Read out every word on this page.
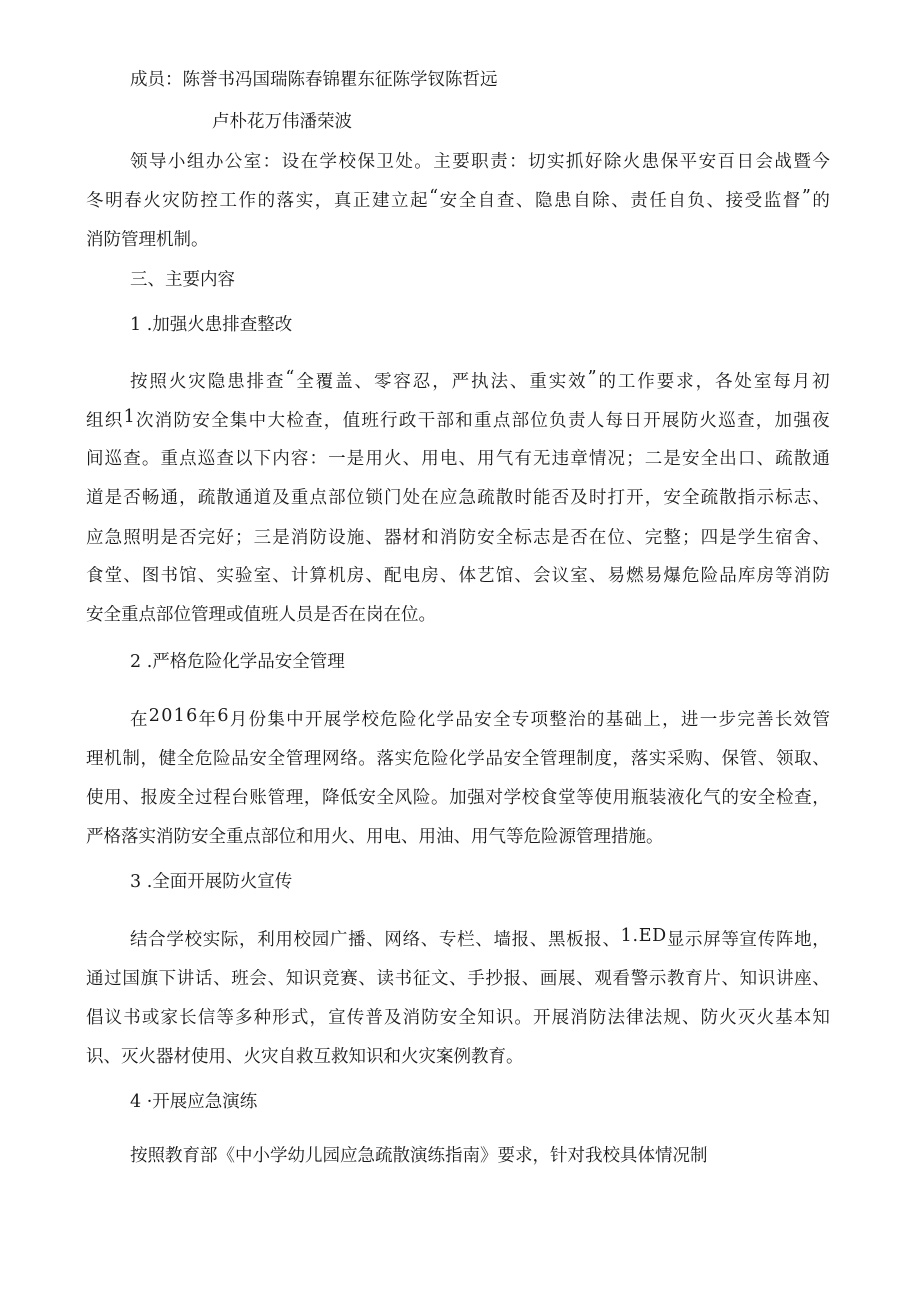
成员：陈誉书冯国瑞陈春锦瞿东征陈学钗陈哲远
卢朴花万伟潘荣波
领 导 小 组 办 公 室 ： 设 在 学 校 保 卫 处 。 主 要 职 责 ： 切 实 抓 好 除 火 患 保 平 安 百 日 会 战 暨 今
冬 明 春 火 灾 防 控 工 作 的 落 实 ， 真 正 建 立 起 “ 安 全 自 查 、 隐 患 自 除 、 责 任 自 负 、 接 受 监 督 ” 的
消防管理机制。
三、主要内容
1 .加强火患排查整改
按 照 火 灾 隐 患 排 查 “ 全 覆 盖 、 零 容 忍 ， 严 执 法 、 重 实 效 ” 的 工 作 要 求 ， 各 处 室 每 月 初
组 织 1 次 消 防 安 全 集 中 大 检 查 ， 值 班 行 政 干 部 和 重 点 部 位 负 责 人 每 日 开 展 防 火 巡 查 ， 加 强 夜
间 巡 查 。 重 点 巡 查 以 下 内 容 ： 一 是 用 火 、 用 电 、 用 气 有 无 违 章 情 况 ； 二 是 安 全 出 口 、 疏 散 通
道 是 否 畅 通 ， 疏 散 通 道 及 重 点 部 位 锁 门 处 在 应 急 疏 散 时 能 否 及 时 打 开 ， 安 全 疏 散 指 示 标 志 、
应 急 照 明 是 否 完 好 ； 三 是 消 防 设 施 、 器 材 和 消 防 安 全 标 志 是 否 在 位 、 完 整 ； 四 是 学 生 宿 舍 、
食 堂 、 图 书 馆 、 实 验 室 、 计 算 机 房 、 配 电 房 、 体 艺 馆 、 会 议 室 、 易 燃 易 爆 危 险 品 库 房 等 消 防
安全重点部位管理或值班人员是否在岗在位。
2 .严格危险化学品安全管理
在 2 0 1 6 年 6 月 份 集 中 开 展 学 校 危 险 化 学 品 安 全 专 项 整 治 的 基 础 上 ， 进 一 步 完 善 长 效 管
理 机 制 ， 健 全 危 险 品 安 全 管 理 网 络 。 落 实 危 险 化 学 品 安 全 管 理 制 度 ， 落 实 采 购 、 保 管 、 领 取 、
使 用 、 报 废 全 过 程 台 账 管 理 ， 降 低 安 全 风 险 。 加 强 对 学 校 食 堂 等 使 用 瓶 装 液 化 气 的 安 全 检 查 ，
严格落实消防安全重点部位和用火、用电、用油、用气等危险源管理措施。
3 .全面开展防火宣传
结 合 学 校 实 际 ， 利 用 校 园 广 播 、 网 络 、 专 栏 、 墙 报 、 黑 板 报 、 1 . E D 显 示 屏 等 宣 传 阵 地 ，
通 过 国 旗 下 讲 话 、 班 会 、 知 识 竞 赛 、 读 书 征 文 、 手 抄 报 、 画 展 、 观 看 警 示 教 育 片 、 知 识 讲 座 、
倡 议 书 或 家 长 信 等 多 种 形 式 ， 宣 传 普 及 消 防 安 全 知 识 。 开 展 消 防 法 律 法 规 、 防 火 灭 火 基 本 知
识、灭火器材使用、火灾自救互救知识和火灾案例教育。
4 ·开展应急演练
按照教育部《中小学幼儿园应急疏散演练指南》要求，针对我校具体情况制
